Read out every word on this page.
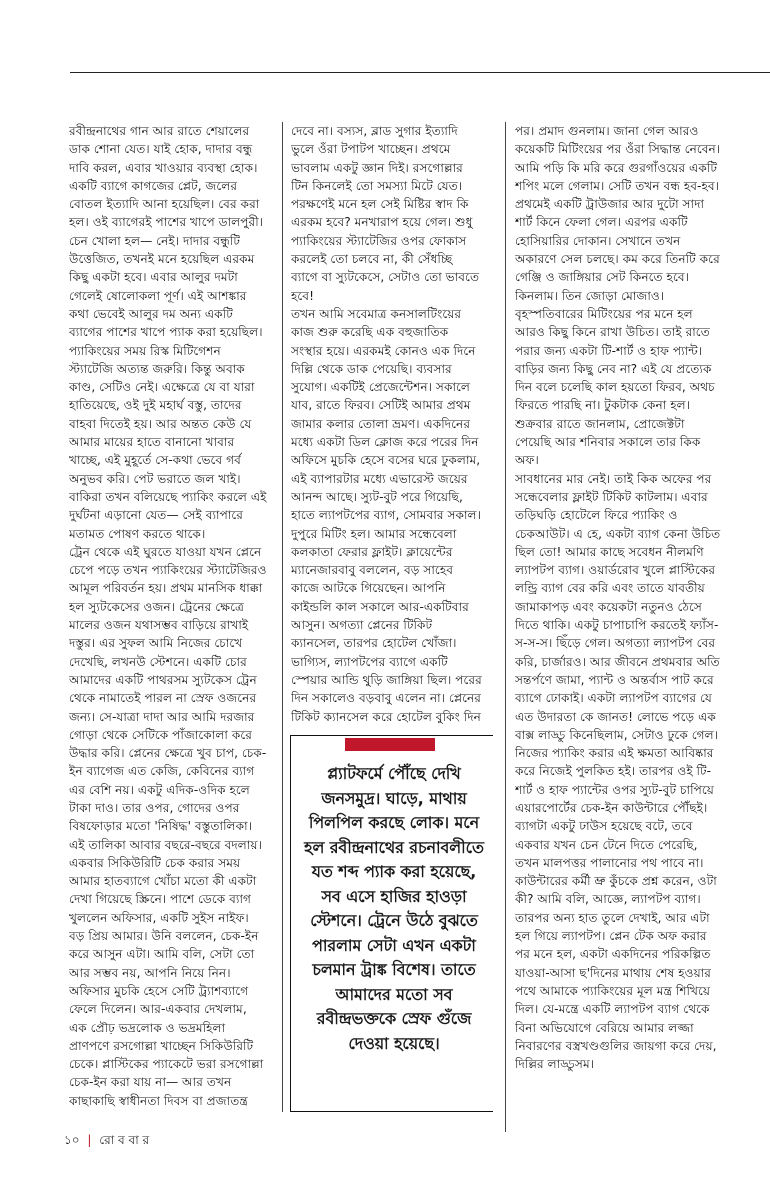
রবীন্দ্রনাথের গান আর রাতে শেয়ালের ডাক শোনা যেত। যাই হোক, দাদার বন্ধু দাবি করল, এবার খাওয়ার ব্যবস্থা হোক। একটি ব্যাগে কাগজের প্লেট, জলের বোতল ইত্যাদি আনা হয়েছিল। বের করা হল। ওই ব্যাগেরই পাশের খাপে ডালপুরী। চেন খোলা হল— নেই। দাদার বন্ধুটি উত্তেজিত, তখনই মনে হয়েছিল এরকম কিছু একটা হবে। এবার আলুর দমটা গেলেই ষোলোকলা পূর্ণ। এই আশঙ্কার কথা ভেবেই আলুর দম অন্য একটি ব্যাগের পাশের খাপে প্যাক করা হয়েছিল। প্যাকিংয়ের সময় রিস্ক মিটিগেশন স্ট্যাটেজি অত্যন্ত জরুরি। কিন্তু অবাক কাণ্ড, সেটিও নেই। এক্ষেত্রে যে বা যারা হাতিয়েছে, ওই দুই মহার্ঘ বস্তু, তাদের বাহবা দিতেই হয়। আর অন্তত কেউ যে আমার মায়ের হাতে বানানো খাবার খাচ্ছে, এই মুহূর্তে সে-কথা ভেবে গর্ব অনুভব করি। পেট ভরাতে জল খাই। বাকিরা তখন বলিয়েছে প্যাকিং করলে এই দুর্ঘটনা এড়ানো যেত— সেই ব্যাপারে মতামত পোষণ করতে থাকে।
ট্রেন থেকে এই ঘুরতে যাওয়া যখন প্লেনে চেপে পড়ে তখন প্যাকিংয়ের স্ট্যাটেজিরও আমূল পরিবর্তন হয়। প্রথম মানসিক ধাক্কা হল স্যুটকেসের ওজন। ট্রেনের ক্ষেত্রে মালের ওজন যথাসম্ভব বাড়িয়ে রাখাই দস্তুর। এর সুফল আমি নিজের চোখে দেখেছি, লখনউ স্টেশনে। একটি চোর আমাদের একটি পাথরসম স্যুটকেস ট্রেন থেকে নামাতেই পারল না স্রেফ ওজনের জন্য। সে-যাত্রা দাদা আর আমি দরজার গোড়া থেকে সেটিকে পাঁজাকোলা করে উদ্ধার করি। প্লেনের ক্ষেত্রে খুব চাপ, চেক-ইন ব্যাগেজ এত কেজি, কেবিনের ব্যাগ এর বেশি নয়। একটু এদিক-ওদিক হলে টাকা দাও। তার ওপর, গোদের ওপর বিষফোড়ার মতো 'নিষিদ্ধ' বস্তুতালিকা। এই তালিকা আবার বছরে-বছরে বদলায়। একবার সিকিউরিটি চেক করার সময় আমার হাতব্যাগে খোঁচা মতো কী একটা দেখা গিয়েছে স্ক্রিনে। পাশে ডেকে ব্যাগ খুললেন অফিসার, একটি সুইস নাইফ। বড় প্রিয় আমার। উনি বললেন, চেক-ইন করে আসুন এটা। আমি বলি, সেটা তো আর সম্ভব নয়, আপনি নিয়ে নিন। অফিসার মুচকি হেসে সেটি ট্র্যাশব্যাগে ফেলে দিলেন। আর-একবার দেখলাম, এক প্রৌঢ় ভদ্রলোক ও ভদ্রমহিলা প্রাণপণে রসগোল্লা খাচ্ছেন সিকিউরিটি চেকে। প্লাস্টিকের প্যাকেটে ভরা রসগোল্লা চেক-ইন করা যায় না— আর তখন কাছাকাছি স্বাধীনতা দিবস বা প্রজাতন্ত্র

দেবে না। বস্যস, ব্লাড সুগার ইত্যাদি ভুলে ওঁরা টপাটপ খাচ্ছেন। প্রথমে ভাবলাম একটু জ্ঞান দিই। রসগোল্লার টিন কিনলেই তো সমস্যা মিটে যেত। পরক্ষণেই মনে হল সেই মিষ্টির স্বাদ কি এরকম হবে? মনখারাপ হয়ে গেল। শুধু প্যাকিংয়ের স্ট্যাটেজির ওপর ফোকাস করলেই তো চলবে না, কী সেঁধচ্ছি ব্যাগে বা স্যুটকেসে, সেটাও তো ভাবতে হবে!
তখন আমি সবেমাত্র কনসালটিংয়ের কাজ শুরু করেছি এক বহুজাতিক সংস্থার হয়ে। এরকমই কোনও এক দিনে দিল্লি থেকে ডাক পেয়েছি। ব্যবসার সুযোগ। একটিই প্রেজেন্টেশন। সকালে যাব, রাতে ফিরব। সেটিই আমার প্রথম জামার কলার তোলা ভ্রমণ। একদিনের মধ্যে একটা ডিল ক্লোজ করে পরের দিন অফিসে মুচকি হেসে বসের ঘরে ঢুকলাম, এই ব্যাপারটার মধ্যে এভারেস্ট জয়ের আনন্দ আছে। স্যুট-বুট পরে গিয়েছি, হাতে ল্যাপটপের ব্যাগ, সোমবার সকাল। দুপুরে মিটিং হল। আমার সন্ধেবেলা কলকাতা ফেরার ফ্লাইট। ক্লায়েন্টের ম্যানেজারবাবু বললেন, বড় সাহেব কাজে আটকে গিয়েছেন। আপনি কাইন্ডলি কাল সকালে আর-একটিবার আসুন। অগত্যা প্লেনের টিকিট ক্যানসেল, তারপর হোটেল খোঁজা। ভাগ্যিস, ল্যাপটপের ব্যাগে একটি স্পেয়ার আন্ডি থুড়ি জাঙ্গিয়া ছিল। পরের দিন সকালেও বড়বাবু এলেন না। প্লেনের টিকিট ক্যানসেল করে হোটেল বুকিং দিন

পর। প্রমাদ গুনলাম। জানা গেল আরও কয়েকটি মিটিংয়ের পর ওঁরা সিদ্ধান্ত নেবেন। আমি পড়ি কি মরি করে গুরগাঁওয়ের একটি শপিং মলে গেলাম। সেটি তখন বন্ধ হব-হব। প্রথমেই একটি ট্রাউজার আর দুটো সাদা শার্ট কিনে ফেলা গেল। এরপর একটি হোসিয়ারির দোকান। সেখানে তখন অকারণে সেল চলছে। কম করে তিনটি করে গেঞ্জি ও জাঙ্গিয়ার সেট কিনতে হবে। কিনলাম। তিন জোড়া মোজাও। বৃহস্পতিবারের মিটিংয়ের পর মনে হল আরও কিছু কিনে রাখা উচিত। তাই রাতে পরার জন্য একটা টি-শার্ট ও হাফ প্যান্ট। বাড়ির জন্য কিছু নেব না? এই যে প্রত্যেক দিন বলে চলেছি কাল হয়তো ফিরব, অথচ ফিরতে পারছি না। টুকটাক কেনা হল। শুক্রবার রাতে জানলাম, প্রোজেক্টটা পেয়েছি আর শনিবার সকালে তার কিক অফ।
সাবধানের মার নেই। তাই কিক অফের পর সন্ধেবেলার ফ্লাইট টিকিট কাটলাম। এবার তড়িঘড়ি হোটেলে ফিরে প্যাকিং ও চেকআউট। এ হে, একটা ব্যাগ কেনা উচিত ছিল তো! আমার কাছে সবেধন নীলমণি ল্যাপটপ ব্যাগ। ওয়ার্ডরোব খুলে প্লাস্টিকের লন্ড্রি ব্যাগ বের করি এবং তাতে যাবতীয় জামাকাপড় এবং কয়েকটা নতুনও ঠেসে দিতে থাকি। একটু চাপাচাপি করতেই ফ্যাঁস-স-স-স। ছিঁড়ে গেল। অগত্যা ল্যাপটপ বের করি, চার্জারও। আর জীবনে প্রথমবার অতি সন্তর্পণে জামা, প্যান্ট ও অন্তর্বাস পাট করে ব্যাগে ঢোকাই। একটা ল্যাপটপ ব্যাগের যে এত উদারতা কে জানত! লোভে পড়ে এক বাক্স লাড্ডু কিনেছিলাম, সেটাও ঢুকে গেল। নিজের প্যাকিং করার এই ক্ষমতা আবিষ্কার করে নিজেই পুলকিত হই। তারপর ওই টি-শার্ট ও হাফ প্যান্টের ওপর স্যুট-বুট চাপিয়ে এয়ারপোর্টের চেক-ইন কাউন্টারে পৌঁছই। ব্যাগটা একটু ঢাউস হয়েছে বটে, তবে একবার যখন চেন টেনে দিতে পেরেছি, তখন মালপত্তর পালানোর পথ পাবে না। কাউন্টারের কর্মী ভ্রু কুঁচকে প্রশ্ন করেন, ওটা কী? আমি বলি, আজ্ঞে, ল্যাপটপ ব্যাগ। তারপর অন্য হাত তুলে দেখাই, আর এটা হল গিয়ে ল্যাপটপ। প্লেন টেক অফ করার পর মনে হল, একটা একদিনের পরিকল্পিত যাওয়া-আসা ছ'দিনের মাথায় শেষ হওয়ার পথে আমাকে প্যাকিংয়ের মূল মন্ত্র শিখিয়ে দিল। যে-মন্ত্রে একটি ল্যাপটপ ব্যাগ থেকে বিনা অভিযোগে বেরিয়ে আমার লজ্জা নিবারণের বস্ত্রখণ্ডগুলির জায়গা করে দেয়, দিল্লির লাড্ডুসম।

প্ল্যাটফর্মে পৌঁছে দেখি জনসমুদ্র। ঘাড়ে, মাথায় পিলপিল করছে লোক। মনে হল রবীন্দ্রনাথের রচনাবলীতে যত শব্দ প্যাক করা হয়েছে, সব এসে হাজির হাওড়া স্টেশনে। ট্রেনে উঠে বুঝতে পারলাম সেটা এখন একটা চলমান ট্রাঙ্ক বিশেষ। তাতে আমাদের মতো সব রবীন্দ্রভক্তকে স্রেফ গুঁজে দেওয়া হয়েছে।
১০ | রো ব বা র
